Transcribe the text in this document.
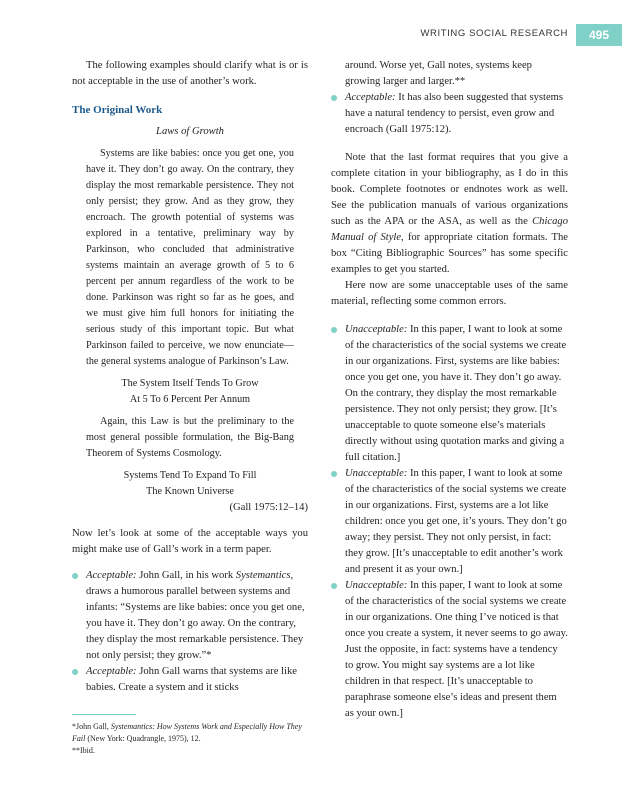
WRITING SOCIAL RESEARCH	495

The following examples should clarify what is or is not acceptable in the use of another’s work.

The Original Work

Laws of Growth

Systems are like babies: once you get one, you have it. They don’t go away. On the contrary, they display the most remarkable persistence. They not only persist; they grow. And as they grow, they encroach. The growth potential of systems was explored in a tentative, preliminary way by Parkinson, who concluded that administrative systems maintain an average growth of 5 to 6 percent per annum regardless of the work to be done. Parkinson was right so far as he goes, and we must give him full honors for initiating the serious study of this important topic. But what Parkinson failed to perceive, we now enunciate—the general systems analogue of Parkinson’s Law.

The System Itself Tends To Grow

At 5 To 6 Percent Per Annum

Again, this Law is but the preliminary to the most general possible formulation, the Big-Bang Theorem of Systems Cosmology.

Systems Tend To Expand To Fill

The Known Universe

(Gall 1975:12–14)

Now let’s look at some of the acceptable ways you might make use of Gall’s work in a term paper.

Acceptable: John Gall, in his work Systemantics, draws a humorous parallel between systems and infants: “Systems are like babies: once you get one, you have it. They don’t go away. On the contrary, they display the most remarkable persistence. They not only persist; they grow.”*
Acceptable: John Gall warns that systems are like babies. Create a system and it sticks

*John Gall, Systemantics: How Systems Work and Especially How They Fail (New York: Quadrangle, 1975), 12.

**Ibid.

around. Worse yet, Gall notes, systems keep growing larger and larger.**
Acceptable: It has also been suggested that systems have a natural tendency to persist, even grow and encroach (Gall 1975:12).

Note that the last format requires that you give a complete citation in your bibliography, as I do in this book. Complete footnotes or endnotes work as well. See the publication manuals of various organizations such as the APA or the ASA, as well as the Chicago Manual of Style, for appropriate citation formats. The box “Citing Bibliographic Sources” has some specific examples to get you started.

Here now are some unacceptable uses of the same material, reflecting some common errors.

Unacceptable: In this paper, I want to look at some of the characteristics of the social systems we create in our organizations. First, systems are like babies: once you get one, you have it. They don’t go away. On the contrary, they display the most remarkable persistence. They not only persist; they grow. [It’s unacceptable to quote someone else’s materials directly without using quotation marks and giving a full citation.]
Unacceptable: In this paper, I want to look at some of the characteristics of the social systems we create in our organizations. First, systems are a lot like children: once you get one, it’s yours. They don’t go away; they persist. They not only persist, in fact: they grow. [It’s unacceptable to edit another’s work and present it as your own.]
Unacceptable: In this paper, I want to look at some of the characteristics of the social systems we create in our organizations. One thing I’ve noticed is that once you create a system, it never seems to go away. Just the opposite, in fact: systems have a tendency to grow. You might say systems are a lot like children in that respect. [It’s unacceptable to paraphrase someone else’s ideas and present them as your own.]
